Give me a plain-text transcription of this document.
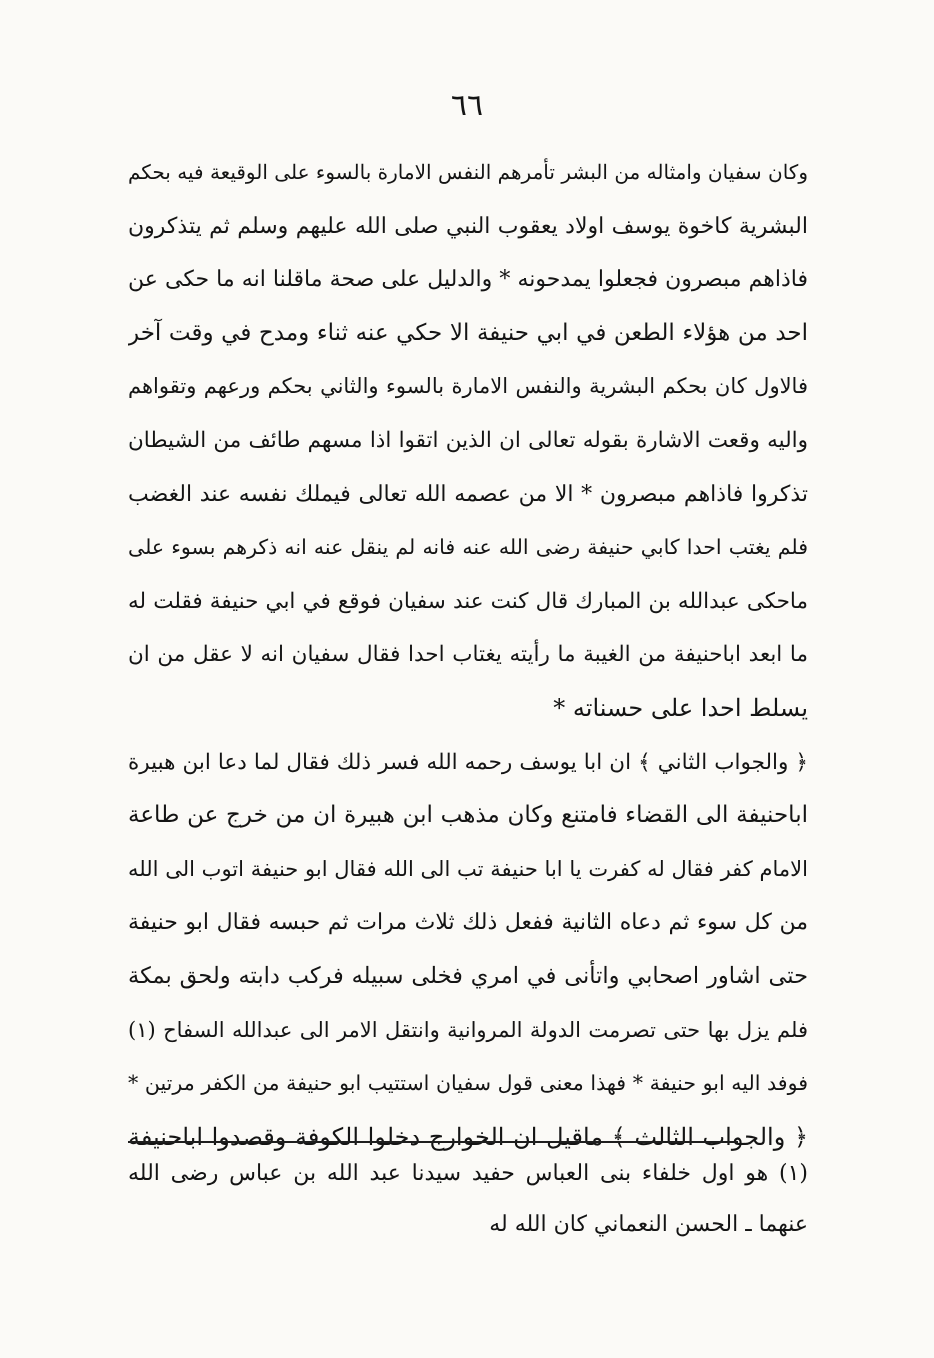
٦٦
وكان سفيان وامثاله من البشر تأمرهم النفس الامارة بالسوء على الوقيعة فيه بحكم
البشرية كاخوة يوسف اولاد يعقوب النبي صلى الله عليهم وسلم ثم يتذكرون
فاذاهم مبصرون فجعلوا يمدحونه * والدليل على صحة ماقلنا انه ما حكى عن
احد من هؤلاء الطعن في ابي حنيفة الا حكي عنه ثناء ومدح في وقت آخر
فالاول كان بحكم البشرية والنفس الامارة بالسوء والثاني بحكم ورعهم وتقواهم
واليه وقعت الاشارة بقوله تعالى ان الذين اتقوا اذا مسهم طائف من الشيطان
تذكروا فاذاهم مبصرون * الا من عصمه الله تعالى فيملك نفسه عند الغضب
فلم يغتب احدا كابي حنيفة رضى الله عنه فانه لم ينقل عنه انه ذكرهم بسوء على
ماحكى عبدالله بن المبارك قال كنت عند سفيان فوقع في ابي حنيفة فقلت له
ما ابعد اباحنيفة من الغيبة ما رأيته يغتاب احدا فقال سفيان انه لا عقل من ان
يسلط احدا على حسناته *
﴿ والجواب الثاني ﴾ ان ابا يوسف رحمه الله فسر ذلك فقال لما دعا ابن هبيرة
اباحنيفة الى القضاء فامتنع وكان مذهب ابن هبيرة ان من خرج عن طاعة
الامام كفر فقال له كفرت يا ابا حنيفة تب الى الله فقال ابو حنيفة اتوب الى الله
من كل سوء ثم دعاه الثانية ففعل ذلك ثلاث مرات ثم حبسه فقال ابو حنيفة
حتى اشاور اصحابي واتأنى في امري فخلى سبيله فركب دابته ولحق بمكة
فلم يزل بها حتى تصرمت الدولة المروانية وانتقل الامر الى عبدالله السفاح (١)
فوفد اليه ابو حنيفة * فهذا معنى قول سفيان استتيب ابو حنيفة من الكفر مرتين *
﴿ والجواب الثالث ﴾ ماقيل ان الخوارج دخلوا الكوفة وقصدوا اباحنيفة
(١) هو اول خلفاء بنى العباس حفيد سيدنا عبد الله بن عباس رضى الله
عنهما ـ الحسن النعماني كان الله له
